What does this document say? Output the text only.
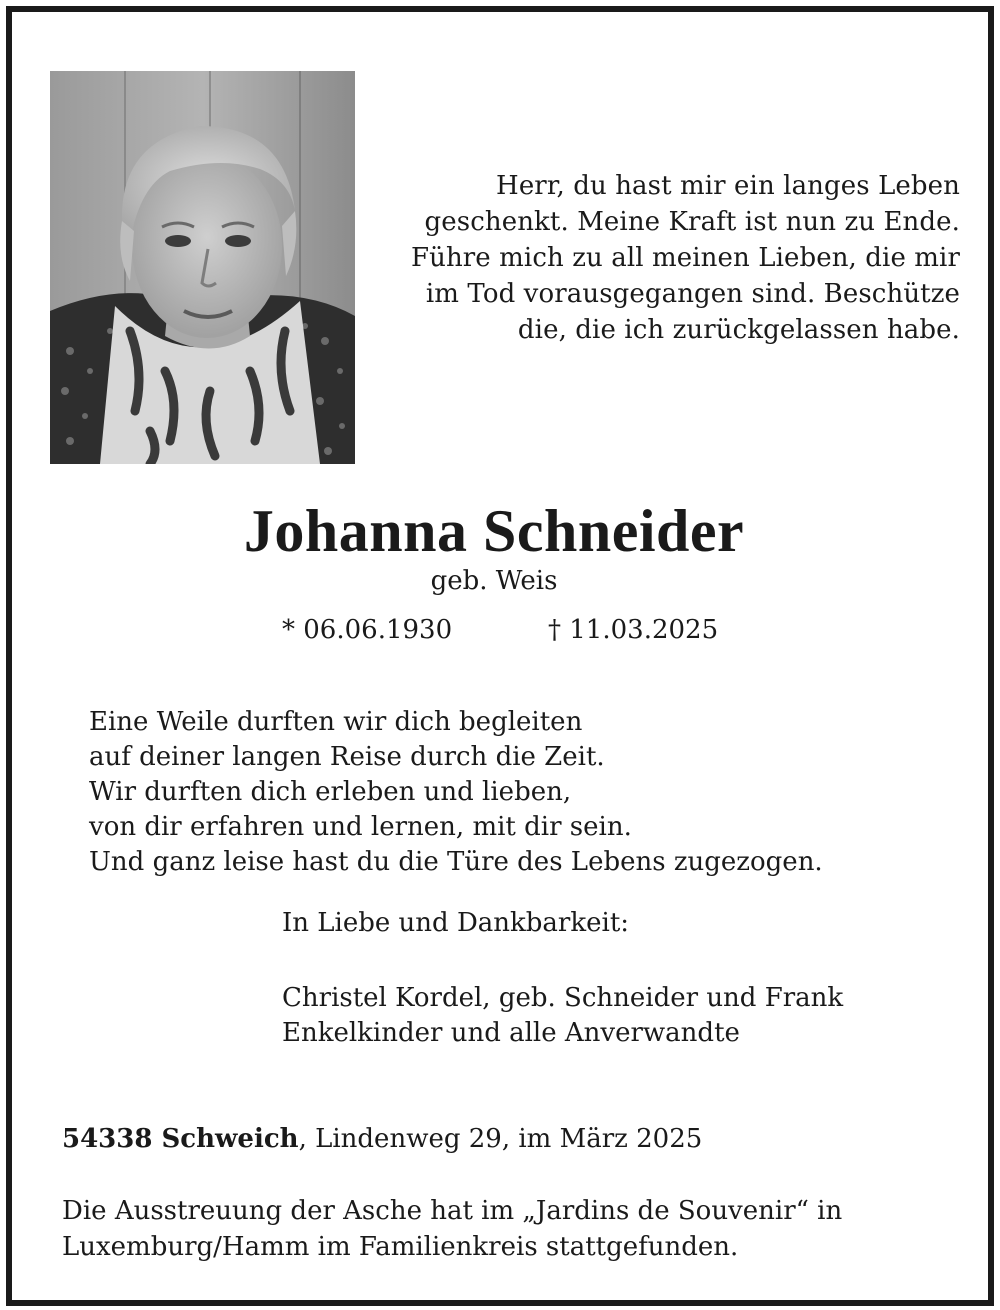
Herr, du hast mir ein langes Leben
geschenkt. Meine Kraft ist nun zu Ende.
Führe mich zu all meinen Lieben, die mir
im Tod vorausgegangen sind. Beschütze
die, die ich zurückgelassen habe.
Johanna Schneider
geb. Weis
* 06.06.1930	† 11.03.2025
Eine Weile durften wir dich begleiten
auf deiner langen Reise durch die Zeit.
Wir durften dich erleben und lieben,
von dir erfahren und lernen, mit dir sein.
Und ganz leise hast du die Türe des Lebens zugezogen.
In Liebe und Dankbarkeit:
Christel Kordel, geb. Schneider und Frank
Enkelkinder und alle Anverwandte
54338 Schweich, Lindenweg 29, im März 2025
Die Ausstreuung der Asche hat im „Jardins de Souvenir“ in
Luxemburg/Hamm im Familienkreis stattgefunden.
